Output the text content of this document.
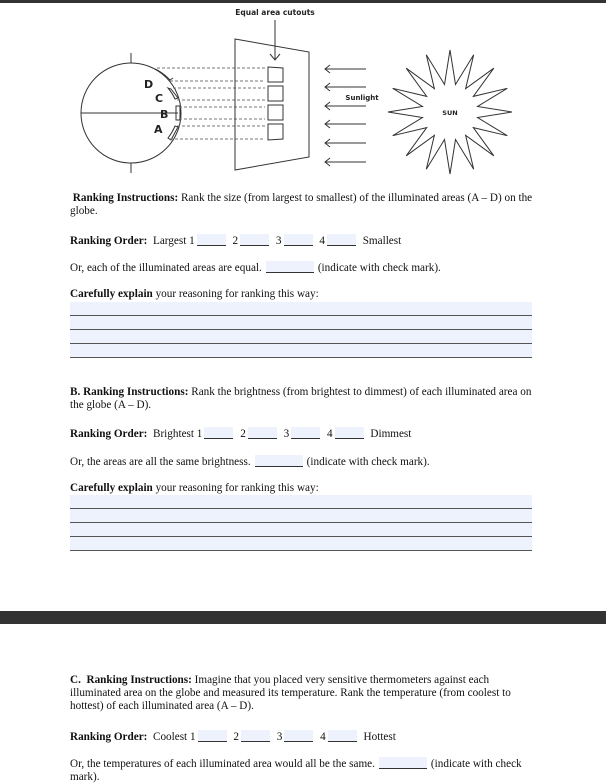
Equal area cutouts
D
C
B
A
Sunlight
SUN
Ranking Instructions: Rank the size (from largest to smallest) of the illuminated areas (A – D) on the globe.
Ranking Order: Largest 1	2	3	4	Smallest
Or, each of the illuminated areas are equal.	(indicate with check mark).
Carefully explain your reasoning for ranking this way:
B. Ranking Instructions: Rank the brightness (from brightest to dimmest) of each illuminated area on the globe (A – D).
Ranking Order: Brightest 1	2	3	4	Dimmest
Or, the areas are all the same brightness.	(indicate with check mark).
Carefully explain your reasoning for ranking this way:
C. Ranking Instructions: Imagine that you placed very sensitive thermometers against each illuminated area on the globe and measured its temperature. Rank the temperature (from coolest to hottest) of each illuminated area (A – D).
Ranking Order: Coolest 1	2	3	4	Hottest
Or, the temperatures of each illuminated area would all be the same.	(indicate with check mark).
